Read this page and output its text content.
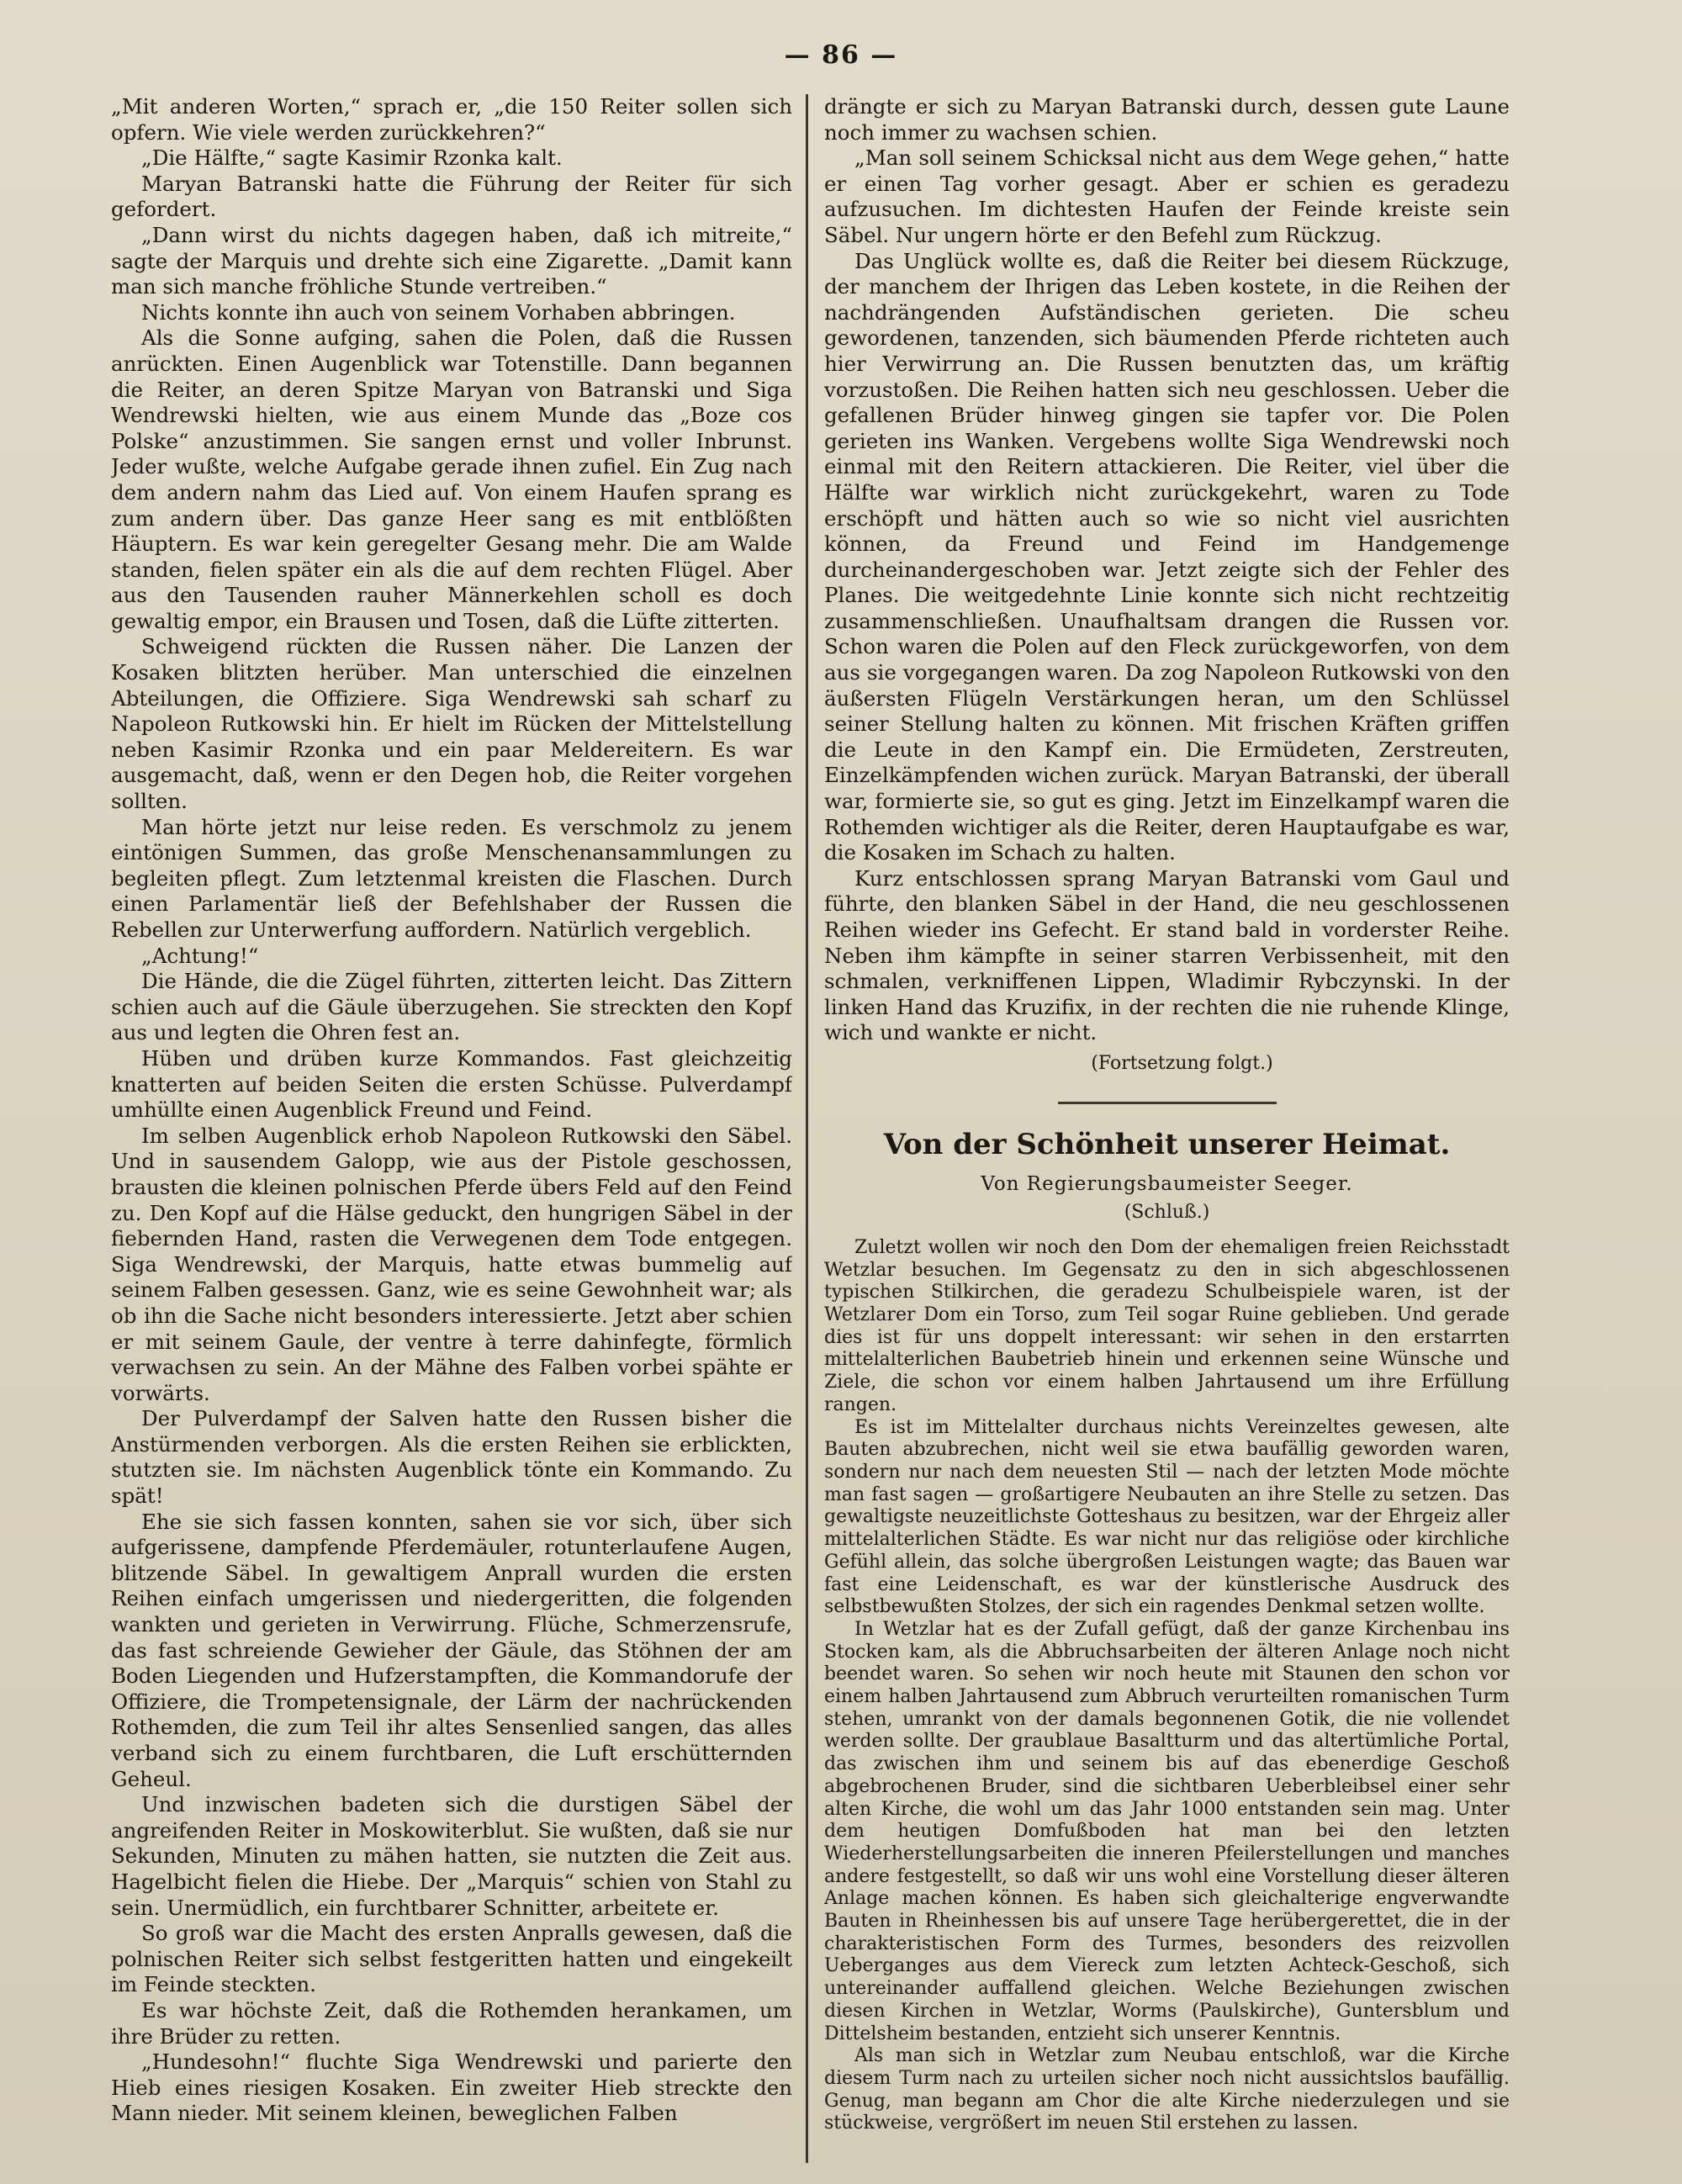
— 86 —

„Mit anderen Worten,“ sprach er, „die 150 Reiter sollen sich opfern. Wie viele werden zurückkehren?“

„Die Hälfte,“ sagte Kasimir Rzonka kalt.

Maryan Batranski hatte die Führung der Reiter für sich gefordert.

„Dann wirst du nichts dagegen haben, daß ich mitreite,“ sagte der Marquis und drehte sich eine Zigarette. „Damit kann man sich manche fröhliche Stunde vertreiben.“

Nichts konnte ihn auch von seinem Vorhaben abbringen.

Als die Sonne aufging, sahen die Polen, daß die Russen anrückten. Einen Augenblick war Totenstille. Dann begannen die Reiter, an deren Spitze Maryan von Batranski und Siga Wendrewski hielten, wie aus einem Munde das „Boze cos Polske“ anzustimmen. Sie sangen ernst und voller Inbrunst. Jeder wußte, welche Aufgabe gerade ihnen zufiel. Ein Zug nach dem andern nahm das Lied auf. Von einem Haufen sprang es zum andern über. Das ganze Heer sang es mit entblößten Häuptern. Es war kein geregelter Gesang mehr. Die am Walde standen, fielen später ein als die auf dem rechten Flügel. Aber aus den Tausenden rauher Männerkehlen scholl es doch gewaltig empor, ein Brausen und Tosen, daß die Lüfte zitterten.

Schweigend rückten die Russen näher. Die Lanzen der Kosaken blitzten herüber. Man unterschied die einzelnen Abteilungen, die Offiziere. Siga Wendrewski sah scharf zu Napoleon Rutkowski hin. Er hielt im Rücken der Mittelstellung neben Kasimir Rzonka und ein paar Meldereitern. Es war ausgemacht, daß, wenn er den Degen hob, die Reiter vorgehen sollten.

Man hörte jetzt nur leise reden. Es verschmolz zu jenem eintönigen Summen, das große Menschenansammlungen zu begleiten pflegt. Zum letztenmal kreisten die Flaschen. Durch einen Parlamentär ließ der Befehlshaber der Russen die Rebellen zur Unterwerfung auffordern. Natürlich vergeblich.

„Achtung!“

Die Hände, die die Zügel führten, zitterten leicht. Das Zittern schien auch auf die Gäule überzugehen. Sie streckten den Kopf aus und legten die Ohren fest an.

Hüben und drüben kurze Kommandos. Fast gleichzeitig knatterten auf beiden Seiten die ersten Schüsse. Pulverdampf umhüllte einen Augenblick Freund und Feind.

Im selben Augenblick erhob Napoleon Rutkowski den Säbel. Und in sausendem Galopp, wie aus der Pistole geschossen, brausten die kleinen polnischen Pferde übers Feld auf den Feind zu. Den Kopf auf die Hälse geduckt, den hungrigen Säbel in der fiebernden Hand, rasten die Verwegenen dem Tode entgegen. Siga Wendrewski, der Marquis, hatte etwas bummelig auf seinem Falben gesessen. Ganz, wie es seine Gewohnheit war; als ob ihn die Sache nicht besonders interessierte. Jetzt aber schien er mit seinem Gaule, der ventre à terre dahinfegte, förmlich verwachsen zu sein. An der Mähne des Falben vorbei spähte er vorwärts.

Der Pulverdampf der Salven hatte den Russen bisher die Anstürmenden verborgen. Als die ersten Reihen sie erblickten, stutzten sie. Im nächsten Augenblick tönte ein Kommando. Zu spät!

Ehe sie sich fassen konnten, sahen sie vor sich, über sich aufgerissene, dampfende Pferdemäuler, rotunterlaufene Augen, blitzende Säbel. In gewaltigem Anprall wurden die ersten Reihen einfach umgerissen und niedergeritten, die folgenden wankten und gerieten in Verwirrung. Flüche, Schmerzensrufe, das fast schreiende Gewieher der Gäule, das Stöhnen der am Boden Liegenden und Hufzerstampften, die Kommandorufe der Offiziere, die Trompetensignale, der Lärm der nachrückenden Rothemden, die zum Teil ihr altes Sensenlied sangen, das alles verband sich zu einem furchtbaren, die Luft erschütternden Geheul.

Und inzwischen badeten sich die durstigen Säbel der angreifenden Reiter in Moskowiterblut. Sie wußten, daß sie nur Sekunden, Minuten zu mähen hatten, sie nutzten die Zeit aus. Hagelbicht fielen die Hiebe. Der „Marquis“ schien von Stahl zu sein. Unermüdlich, ein furchtbarer Schnitter, arbeitete er.

So groß war die Macht des ersten Anpralls gewesen, daß die polnischen Reiter sich selbst festgeritten hatten und eingekeilt im Feinde steckten.

Es war höchste Zeit, daß die Rothemden herankamen, um ihre Brüder zu retten.

„Hundesohn!“ fluchte Siga Wendrewski und parierte den Hieb eines riesigen Kosaken. Ein zweiter Hieb streckte den Mann nieder. Mit seinem kleinen, beweglichen Falben

drängte er sich zu Maryan Batranski durch, dessen gute Laune noch immer zu wachsen schien.

„Man soll seinem Schicksal nicht aus dem Wege gehen,“ hatte er einen Tag vorher gesagt. Aber er schien es geradezu aufzusuchen. Im dichtesten Haufen der Feinde kreiste sein Säbel. Nur ungern hörte er den Befehl zum Rückzug.

Das Unglück wollte es, daß die Reiter bei diesem Rückzuge, der manchem der Ihrigen das Leben kostete, in die Reihen der nachdrängenden Aufständischen gerieten. Die scheu gewordenen, tanzenden, sich bäumenden Pferde richteten auch hier Verwirrung an. Die Russen benutzten das, um kräftig vorzustoßen. Die Reihen hatten sich neu geschlossen. Ueber die gefallenen Brüder hinweg gingen sie tapfer vor. Die Polen gerieten ins Wanken. Vergebens wollte Siga Wendrewski noch einmal mit den Reitern attackieren. Die Reiter, viel über die Hälfte war wirklich nicht zurückgekehrt, waren zu Tode erschöpft und hätten auch so wie so nicht viel ausrichten können, da Freund und Feind im Handgemenge durcheinandergeschoben war. Jetzt zeigte sich der Fehler des Planes. Die weitgedehnte Linie konnte sich nicht rechtzeitig zusammenschließen. Unaufhaltsam drangen die Russen vor. Schon waren die Polen auf den Fleck zurückgeworfen, von dem aus sie vorgegangen waren. Da zog Napoleon Rutkowski von den äußersten Flügeln Verstärkungen heran, um den Schlüssel seiner Stellung halten zu können. Mit frischen Kräften griffen die Leute in den Kampf ein. Die Ermüdeten, Zerstreuten, Einzelkämpfenden wichen zurück. Maryan Batranski, der überall war, formierte sie, so gut es ging. Jetzt im Einzelkampf waren die Rothemden wichtiger als die Reiter, deren Hauptaufgabe es war, die Kosaken im Schach zu halten.

Kurz entschlossen sprang Maryan Batranski vom Gaul und führte, den blanken Säbel in der Hand, die neu geschlossenen Reihen wieder ins Gefecht. Er stand bald in vorderster Reihe. Neben ihm kämpfte in seiner starren Verbissenheit, mit den schmalen, verkniffenen Lippen, Wladimir Rybczynski. In der linken Hand das Kruzifix, in der rechten die nie ruhende Klinge, wich und wankte er nicht.

(Fortsetzung folgt.)

Von der Schönheit unserer Heimat.

Von Regierungsbaumeister Seeger.

(Schluß.)

Zuletzt wollen wir noch den Dom der ehemaligen freien Reichsstadt Wetzlar besuchen. Im Gegensatz zu den in sich abgeschlossenen typischen Stilkirchen, die geradezu Schulbeispiele waren, ist der Wetzlarer Dom ein Torso, zum Teil sogar Ruine geblieben. Und gerade dies ist für uns doppelt interessant: wir sehen in den erstarrten mittelalterlichen Baubetrieb hinein und erkennen seine Wünsche und Ziele, die schon vor einem halben Jahrtausend um ihre Erfüllung rangen.

Es ist im Mittelalter durchaus nichts Vereinzeltes gewesen, alte Bauten abzubrechen, nicht weil sie etwa baufällig geworden waren, sondern nur nach dem neuesten Stil — nach der letzten Mode möchte man fast sagen — großartigere Neubauten an ihre Stelle zu setzen. Das gewaltigste neuzeitlichste Gotteshaus zu besitzen, war der Ehrgeiz aller mittelalterlichen Städte. Es war nicht nur das religiöse oder kirchliche Gefühl allein, das solche übergroßen Leistungen wagte; das Bauen war fast eine Leidenschaft, es war der künstlerische Ausdruck des selbstbewußten Stolzes, der sich ein ragendes Denkmal setzen wollte.

In Wetzlar hat es der Zufall gefügt, daß der ganze Kirchenbau ins Stocken kam, als die Abbruchsarbeiten der älteren Anlage noch nicht beendet waren. So sehen wir noch heute mit Staunen den schon vor einem halben Jahrtausend zum Abbruch verurteilten romanischen Turm stehen, umrankt von der damals begonnenen Gotik, die nie vollendet werden sollte. Der graublaue Basaltturm und das altertümliche Portal, das zwischen ihm und seinem bis auf das ebenerdige Geschoß abgebrochenen Bruder, sind die sichtbaren Ueberbleibsel einer sehr alten Kirche, die wohl um das Jahr 1000 entstanden sein mag. Unter dem heutigen Domfußboden hat man bei den letzten Wiederherstellungsarbeiten die inneren Pfeilerstellungen und manches andere festgestellt, so daß wir uns wohl eine Vorstellung dieser älteren Anlage machen können. Es haben sich gleichalterige engverwandte Bauten in Rheinhessen bis auf unsere Tage herübergerettet, die in der charakteristischen Form des Turmes, besonders des reizvollen Ueberganges aus dem Viereck zum letzten Achteck-Geschoß, sich untereinander auffallend gleichen. Welche Beziehungen zwischen diesen Kirchen in Wetzlar, Worms (Paulskirche), Guntersblum und Dittelsheim bestanden, entzieht sich unserer Kenntnis.

Als man sich in Wetzlar zum Neubau entschloß, war die Kirche diesem Turm nach zu urteilen sicher noch nicht aussichtslos baufällig. Genug, man begann am Chor die alte Kirche niederzulegen und sie stückweise, vergrößert im neuen Stil erstehen zu lassen.
